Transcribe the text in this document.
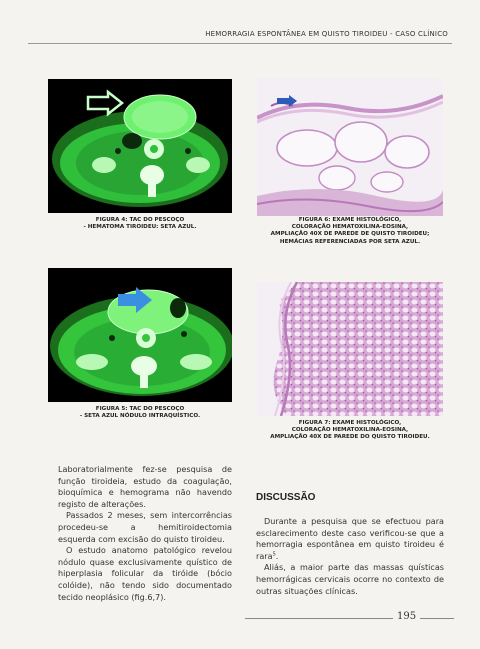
HEMORRAGIA ESPONTÂNEA EM QUISTO TIROIDEU - CASO CLÍNICO
FIGURA 4: TAC DO PESCOÇO
- HEMATOMA TIROIDEU: SETA AZUL.
FIGURA 6: EXAME HISTOLÓGICO,
COLORAÇÃO HEMATOXILINA-EOSINA,
AMPLIAÇÃO 40X DE PAREDE DE QUISTO TIROIDEU;
HEMÁCIAS REFERENCIADAS POR SETA AZUL.
FIGURA 5: TAC DO PESCOÇO
- SETA AZUL NÓDULO INTRAQUÍSTICO.
FIGURA 7: EXAME HISTOLÓGICO,
COLORAÇÃO HEMATOXILINA-EOSINA,
AMPLIAÇÃO 40X DE PAREDE DO QUISTO TIROIDEU.

Laboratorialmente fez-se pesquisa de função tiroideia, estudo da coagulação, bioquímica e hemograma não havendo registo de alterações.

Passados 2 meses, sem intercorrências procedeu-se a hemitiroidectomia esquerda com excisão do quisto tiroideu.

O estudo anatomo patológico revelou nódulo quase exclusivamente quístico de hiperplasia folicular da tiróide (bócio colóide), não tendo sido documentado tecido neoplásico (fig.6,7).

DISCUSSÃO

Durante a pesquisa que se efectuou para esclarecimento deste caso verificou-se que a hemorragia espontânea em quisto tiroideu é rara$^5$.

Aliás, a maior parte das massas quísticas hemorrágicas cervicais ocorre no contexto de outras situações clínicas.

195
